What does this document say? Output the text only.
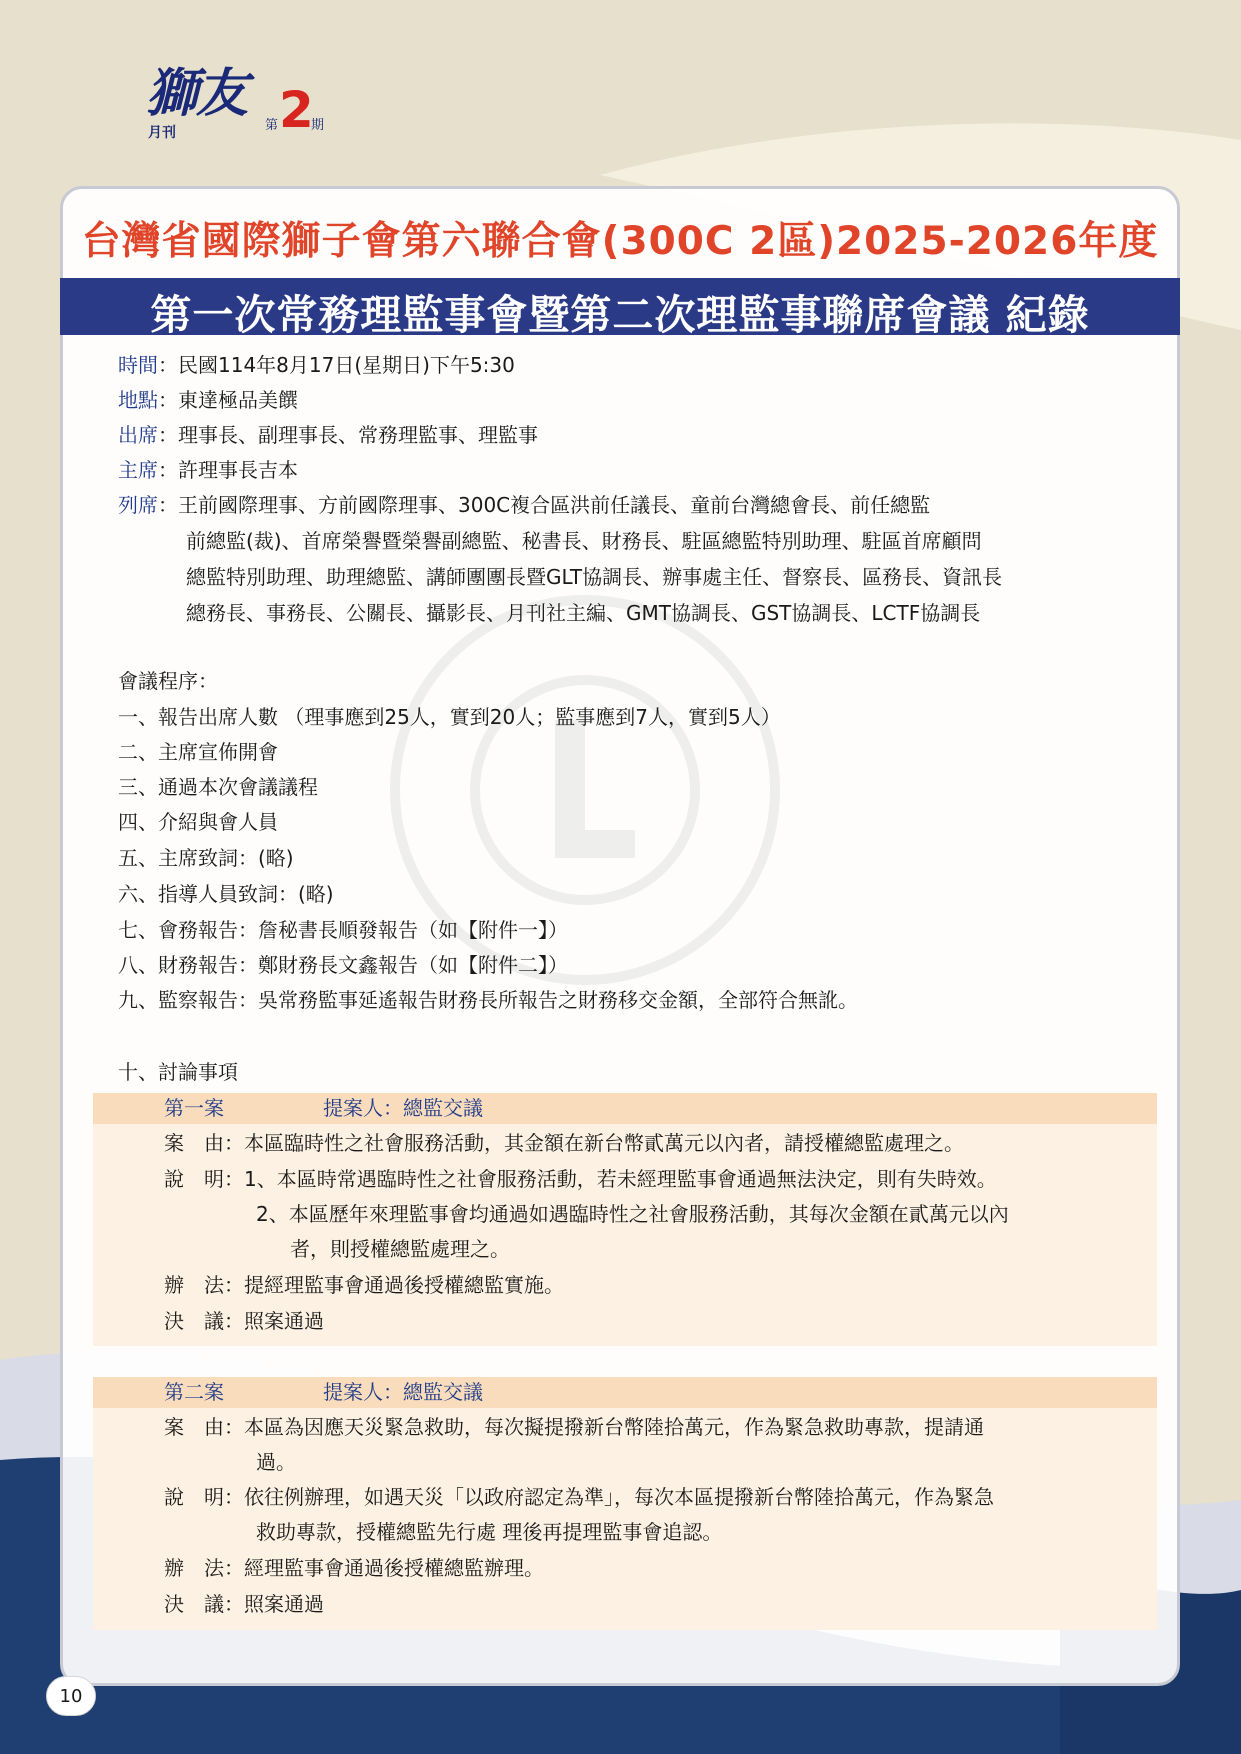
獅友
月刊	第 2
期
台灣省國際獅子會第六聯合會(300C 2區)2025-2026年度
第一次常務理監事會暨第二次理監事聯席會議 紀錄
時間：民國114年8月17日(星期日)下午5:30
地點：東達極品美饌
出席：理事長、副理事長、常務理監事、理監事
主席：許理事長吉本
列席：王前國際理事、方前國際理事、300C複合區洪前任議長、童前台灣總會長、前任總監
前總監(裁)、首席榮譽暨榮譽副總監、秘書長、財務長、駐區總監特別助理、駐區首席顧問
總監特別助理、助理總監、講師團團長暨GLT協調長、辦事處主任、督察長、區務長、資訊長
總務長、事務長、公關長、攝影長、月刊社主編、GMT協調長、GST協調長、LCTF協調長
會議程序：
一、報告出席人數 （理事應到25人，實到20人；監事應到7人，實到5人）
二、主席宣佈開會
三、通過本次會議議程
四、介紹與會人員
五、主席致詞：(略)
六、指導人員致詞：(略)
七、會務報告：詹秘書長順發報告（如【附件一】）
八、財務報告：鄭財務長文鑫報告（如【附件二】）
九、監察報告：吳常務監事延遙報告財務長所報告之財務移交金額，全部符合無訛。
十、討論事項
第一案	提案人：總監交議
案　由：本區臨時性之社會服務活動，其金額在新台幣貳萬元以內者，請授權總監處理之。
說　明：1、本區時常遇臨時性之社會服務活動，若未經理監事會通過無法決定，則有失時效。
2、本區歷年來理監事會均通過如遇臨時性之社會服務活動，其每次金額在貳萬元以內
者，則授權總監處理之。
辦　法：提經理監事會通過後授權總監實施。
決　議：照案通過
第二案	提案人：總監交議
案　由：本區為因應天災緊急救助，每次擬提撥新台幣陸拾萬元，作為緊急救助專款，提請通
過。
說　明：依往例辦理，如遇天災「以政府認定為準」，每次本區提撥新台幣陸拾萬元，作為緊急
救助專款，授權總監先行處 理後再提理監事會追認。
辦　法：經理監事會通過後授權總監辦理。
決　議：照案通過
10
